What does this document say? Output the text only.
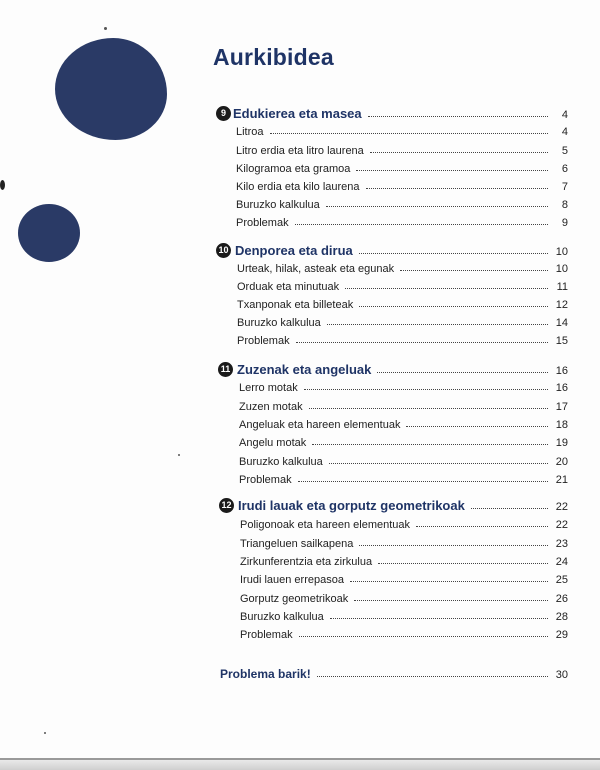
Aurkibidea
9 Edukierea eta masea	4
Litroa	4
Litro erdia eta litro laurena	5
Kilogramoa eta gramoa	6
Kilo erdia eta kilo laurena	7
Buruzko kalkulua	8
Problemak	9
10 Denporea eta dirua	10
Urteak, hilak, asteak eta egunak	10
Orduak eta minutuak	11
Txanponak eta billeteak	12
Buruzko kalkulua	14
Problemak	15
11 Zuzenak eta angeluak	16
Lerro motak	16
Zuzen motak	17
Angeluak eta hareen elementuak	18
Angelu motak	19
Buruzko kalkulua	20
Problemak	21
12 Irudi lauak eta gorputz geometrikoak	22
Poligonoak eta hareen elementuak	22
Triangeluen sailkapena	23
Zirkunferentzia eta zirkulua	24
Irudi lauen errepasoa	25
Gorputz geometrikoak	26
Buruzko kalkulua	28
Problemak	29
Problema barik!	30
